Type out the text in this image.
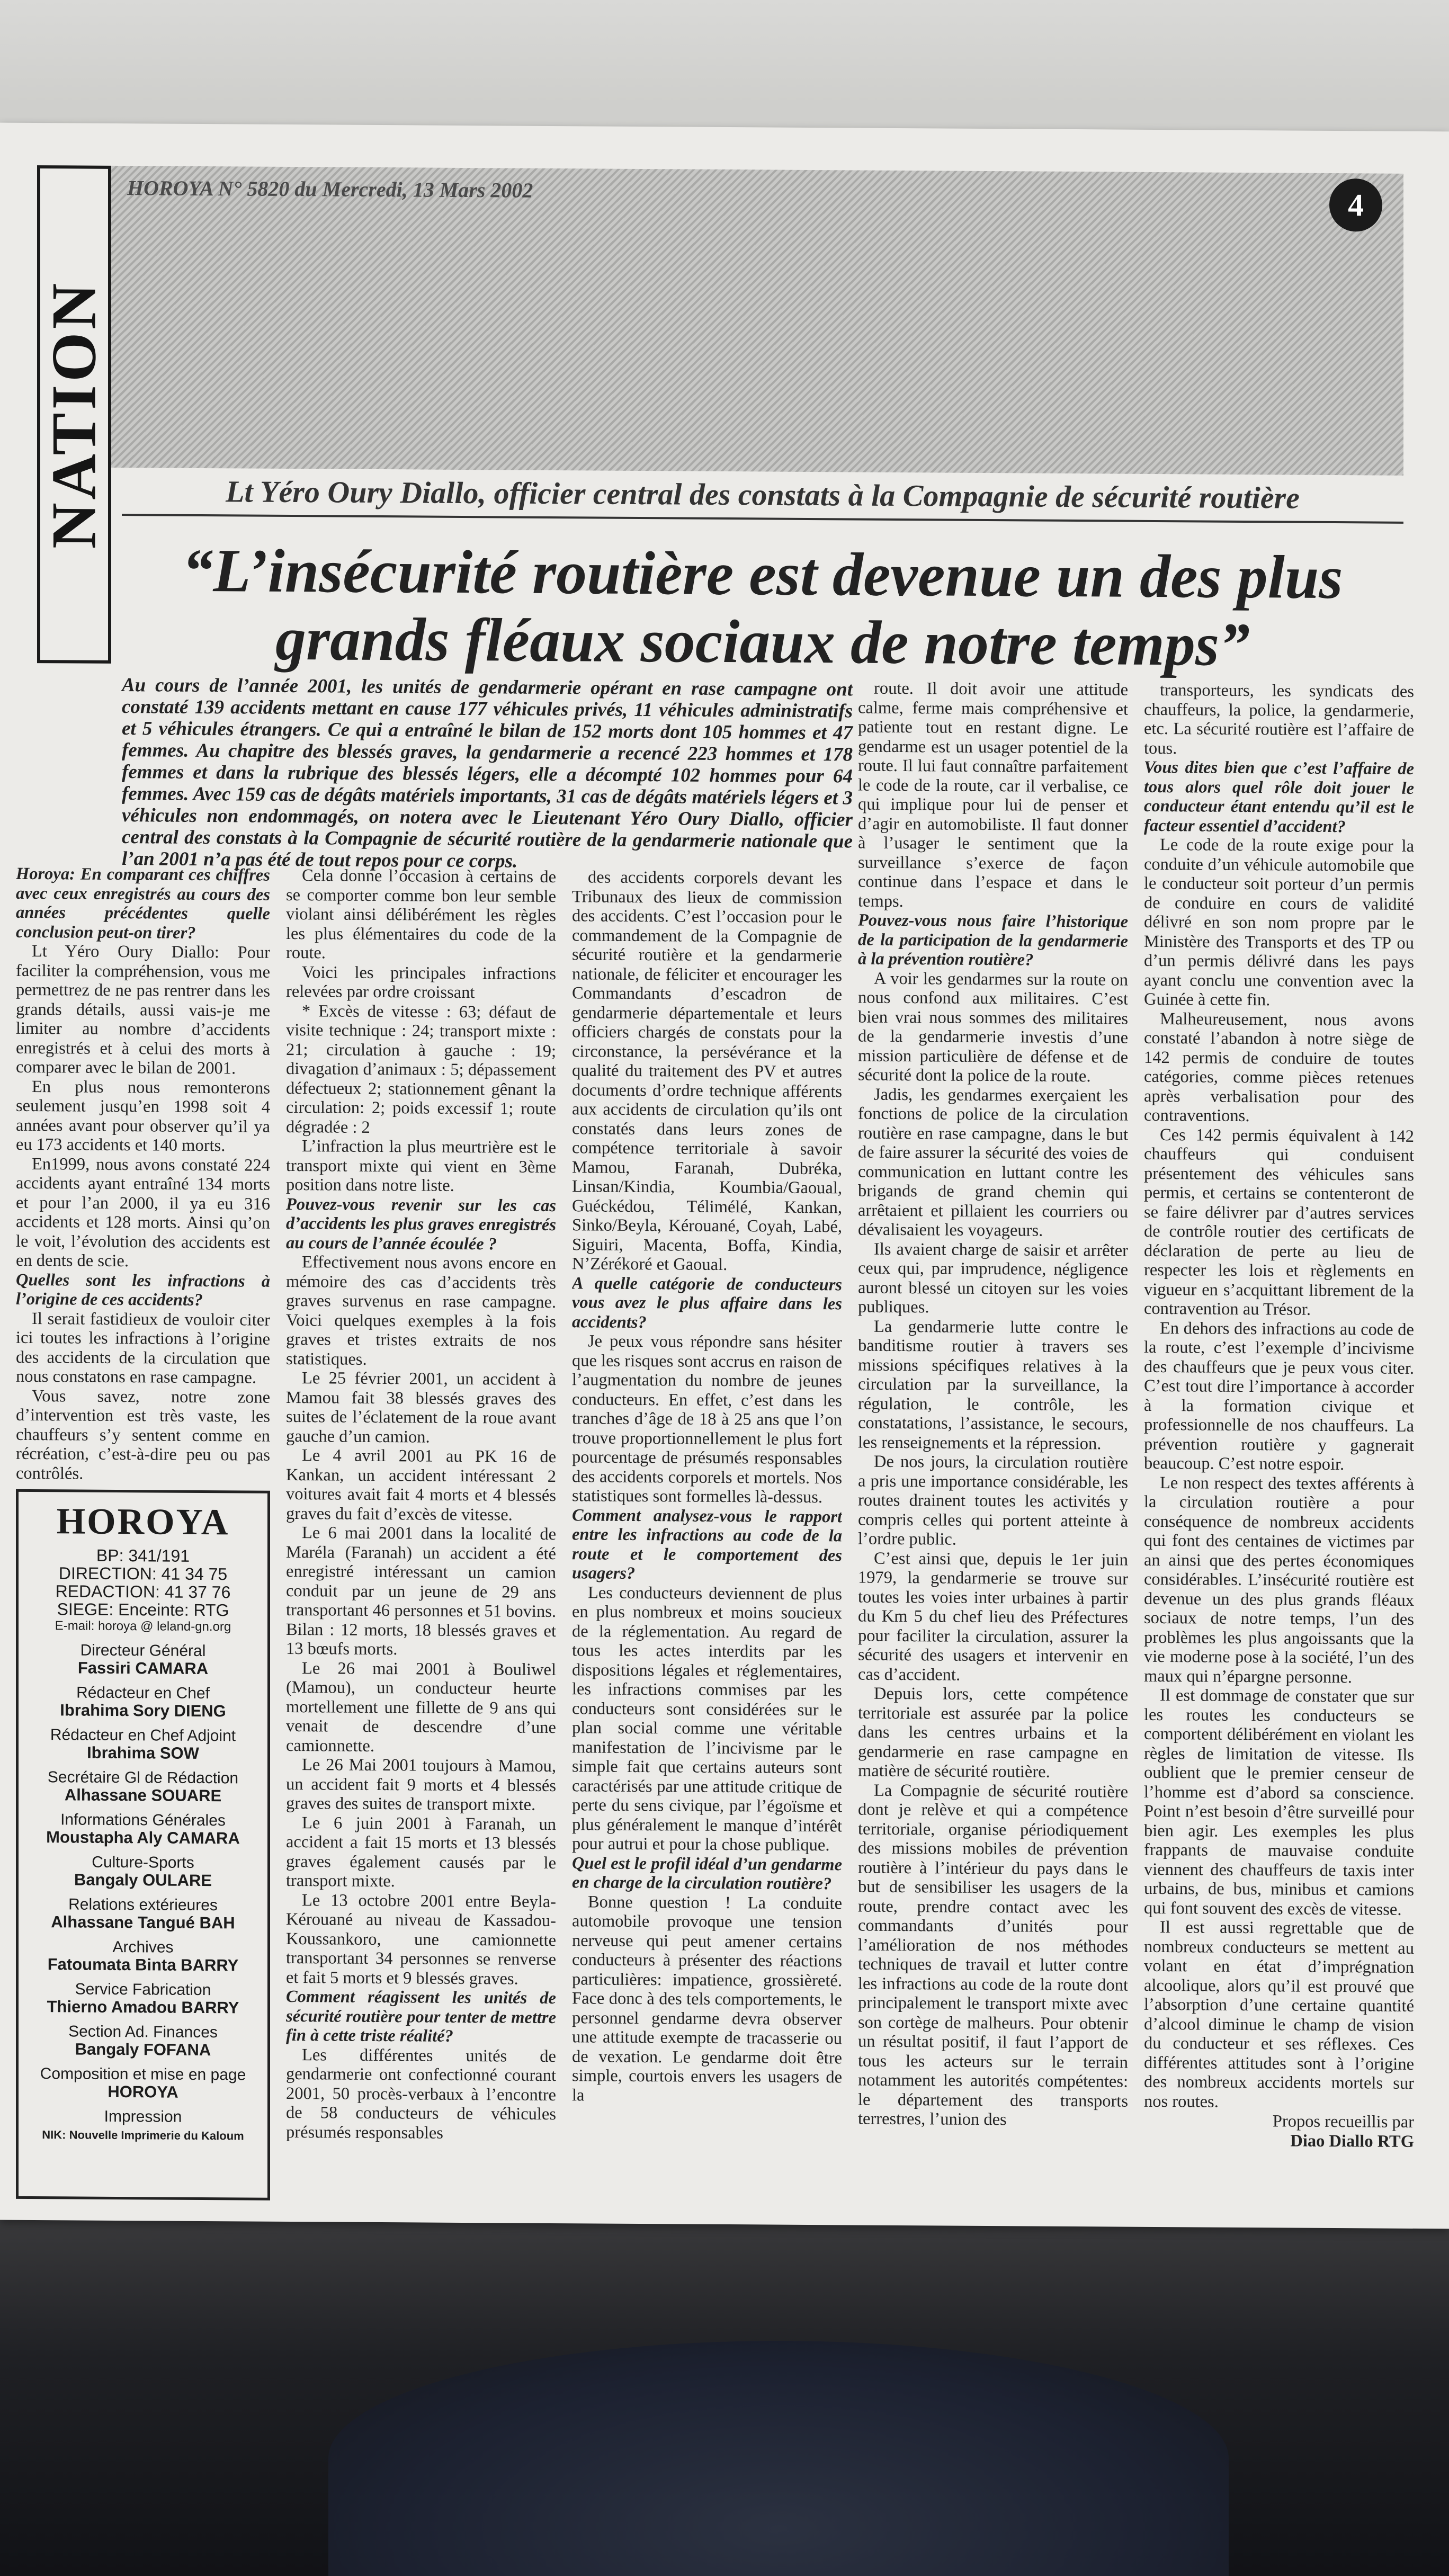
NATION
HOROYA N° 5820 du Mercredi, 13 Mars 2002	4
Lt Yéro Oury Diallo, officier central des constats à la Compagnie de sécurité routière
“L’insécurité routière est devenue un des plus grands fléaux sociaux de notre temps”
Au cours de l’année 2001, les unités de gendarmerie opérant en rase campagne ont constaté 139 accidents mettant en cause 177 véhicules privés, 11 véhicules administratifs et 5 véhicules étrangers. Ce qui a entraîné le bilan de 152 morts dont 105 hommes et 47 femmes. Au chapitre des blessés graves, la gendarmerie a recencé 223 hommes et 178 femmes et dans la rubrique des blessés légers, elle a décompté 102 hommes pour 64 femmes. Avec 159 cas de dégâts matériels importants, 31 cas de dégâts matériels légers et 3 véhicules non endommagés, on notera avec le Lieutenant Yéro Oury Diallo, officier central des constats à la Compagnie de sécurité routière de la gendarmerie nationale que l’an 2001 n’a pas été de tout repos pour ce corps.

Horoya: En comparant ces chiffres avec ceux enregistrés au cours des années précédentes quelle conclusion peut-on tirer?

Lt Yéro Oury Diallo: Pour faciliter la compréhension, vous me permettrez de ne pas rentrer dans les grands détails, aussi vais-je me limiter au nombre d’accidents enregistrés et à celui des morts à comparer avec le bilan de 2001.

En plus nous remonterons seulement jusqu’en 1998 soit 4 années avant pour observer qu’il ya eu 173 accidents et 140 morts.

En1999, nous avons constaté 224 accidents ayant entraîné 134 morts et pour l’an 2000, il ya eu 316 accidents et 128 morts. Ainsi qu’on le voit, l’évolution des accidents est en dents de scie.

Quelles sont les infractions à l’origine de ces accidents?

Il serait fastidieux de vouloir citer ici toutes les infractions à l’origine des accidents de la circulation que nous constatons en rase campagne.

Vous savez, notre zone d’intervention est très vaste, les chauffeurs s’y sentent comme en récréation, c’est-à-dire peu ou pas contrôlés.

Cela donne l’occasion à certains de se comporter comme bon leur semble violant ainsi délibérément les règles les plus élémentaires du code de la route.

Voici les principales infractions relevées par ordre croissant

* Excès de vitesse : 63; défaut de visite technique : 24; transport mixte : 21; circulation à gauche : 19; divagation d’animaux : 5; dépassement défectueux 2; stationnement gênant la circulation: 2; poids excessif 1; route dégradée : 2

L’infraction la plus meurtrière est le transport mixte qui vient en 3ème position dans notre liste.

Pouvez-vous revenir sur les cas d’accidents les plus graves enregistrés au cours de l’année écoulée ?

Effectivement nous avons encore en mémoire des cas d’accidents très graves survenus en rase campagne. Voici quelques exemples à la fois graves et tristes extraits de nos statistiques.

Le 25 février 2001, un accident à Mamou fait 38 blessés graves des suites de l’éclatement de la roue avant gauche d’un camion.

Le 4 avril 2001 au PK 16 de Kankan, un accident intéressant 2 voitures avait fait 4 morts et 4 blessés graves du fait d’excès de vitesse.

Le 6 mai 2001 dans la localité de Maréla (Faranah) un accident a été enregistré intéressant un camion conduit par un jeune de 29 ans transportant 46 personnes et 51 bovins. Bilan : 12 morts, 18 blessés graves et 13 bœufs morts.

Le 26 mai 2001 à Bouliwel (Mamou), un conducteur heurte mortellement une fillette de 9 ans qui venait de descendre d’une camionnette.

Le 26 Mai 2001 toujours à Mamou, un accident fait 9 morts et 4 blessés graves des suites de transport mixte.

Le 6 juin 2001 à Faranah, un accident a fait 15 morts et 13 blessés graves également causés par le transport mixte.

Le 13 octobre 2001 entre Beyla-Kérouané au niveau de Kassadou-Koussankoro, une camionnette transportant 34 personnes se renverse et fait 5 morts et 9 blessés graves.

Comment réagissent les unités de sécurité routière pour tenter de mettre fin à cette triste réalité?

Les différentes unités de gendarmerie ont confectionné courant 2001, 50 procès-verbaux à l’encontre de 58 conducteurs de véhicules présumés responsables

des accidents corporels devant les Tribunaux des lieux de commission des accidents. C’est l’occasion pour le commandement de la Compagnie de sécurité routière et la gendarmerie nationale, de féliciter et encourager les Commandants d’escadron de gendarmerie départementale et leurs officiers chargés de constats pour la circonstance, la persévérance et la qualité du traitement des PV et autres documents d’ordre technique afférents aux accidents de circulation qu’ils ont constatés dans leurs zones de compétence territoriale à savoir Mamou, Faranah, Dubréka, Linsan/Kindia, Koumbia/Gaoual, Guéckédou, Télimélé, Kankan, Sinko/Beyla, Kérouané, Coyah, Labé, Siguiri, Macenta, Boffa, Kindia, N’Zérékoré et Gaoual.

A quelle catégorie de conducteurs vous avez le plus affaire dans les accidents?

Je peux vous répondre sans hésiter que les risques sont accrus en raison de l’augmentation du nombre de jeunes conducteurs. En effet, c’est dans les tranches d’âge de 18 à 25 ans que l’on trouve proportionnellement le plus fort pourcentage de présumés responsables des accidents corporels et mortels. Nos statistiques sont formelles là-dessus.

Comment analysez-vous le rapport entre les infractions au code de la route et le comportement des usagers?

Les conducteurs deviennent de plus en plus nombreux et moins soucieux de la réglementation. Au regard de tous les actes interdits par les dispositions légales et réglementaires, les infractions commises par les conducteurs sont considérées sur le plan social comme une véritable manifestation de l’incivisme par le simple fait que certains auteurs sont caractérisés par une attitude critique de perte du sens civique, par l’égoïsme et plus généralement le manque d’intérêt pour autrui et pour la chose publique.

Quel est le profil idéal d’un gendarme en charge de la circulation routière?

Bonne question ! La conduite automobile provoque une tension nerveuse qui peut amener certains conducteurs à présenter des réactions particulières: impatience, grossièreté. Face donc à des tels comportements, le personnel gendarme devra observer une attitude exempte de tracasserie ou de vexation. Le gendarme doit être simple, courtois envers les usagers de la

route. Il doit avoir une attitude calme, ferme mais compréhensive et patiente tout en restant digne. Le gendarme est un usager potentiel de la route. Il lui faut connaître parfaitement le code de la route, car il verbalise, ce qui implique pour lui de penser et d’agir en automobiliste. Il faut donner à l’usager le sentiment que la surveillance s’exerce de façon continue dans l’espace et dans le temps.

Pouvez-vous nous faire l’historique de la participation de la gendarmerie à la prévention routière?

A voir les gendarmes sur la route on nous confond aux militaires. C’est bien vrai nous sommes des militaires de la gendarmerie investis d’une mission particulière de défense et de sécurité dont la police de la route.

Jadis, les gendarmes exerçaient les fonctions de police de la circulation routière en rase campagne, dans le but de faire assurer la sécurité des voies de communication en luttant contre les brigands de grand chemin qui arrêtaient et pillaient les courriers ou dévalisaient les voyageurs.

Ils avaient charge de saisir et arrêter ceux qui, par imprudence, négligence auront blessé un citoyen sur les voies publiques.

La gendarmerie lutte contre le banditisme routier à travers ses missions spécifiques relatives à la circulation par la surveillance, la régulation, le contrôle, les constatations, l’assistance, le secours, les renseignements et la répression.

De nos jours, la circulation routière a pris une importance considérable, les routes drainent toutes les activités y compris celles qui portent atteinte à l’ordre public.

C’est ainsi que, depuis le 1er juin 1979, la gendarmerie se trouve sur toutes les voies inter urbaines à partir du Km 5 du chef lieu des Préfectures pour faciliter la circulation, assurer la sécurité des usagers et intervenir en cas d’accident.

Depuis lors, cette compétence territoriale est assurée par la police dans les centres urbains et la gendarmerie en rase campagne en matière de sécurité routière.

La Compagnie de sécurité routière dont je relève et qui a compétence territoriale, organise périodiquement des missions mobiles de prévention routière à l’intérieur du pays dans le but de sensibiliser les usagers de la route, prendre contact avec les commandants d’unités pour l’amélioration de nos méthodes techniques de travail et lutter contre les infractions au code de la route dont principalement le transport mixte avec son cortège de malheurs. Pour obtenir un résultat positif, il faut l’apport de tous les acteurs sur le terrain notamment les autorités compétentes: le département des transports terrestres, l’union des

transporteurs, les syndicats des chauffeurs, la police, la gendarmerie, etc. La sécurité routière est l’affaire de tous.

Vous dites bien que c’est l’affaire de tous alors quel rôle doit jouer le conducteur étant entendu qu’il est le facteur essentiel d’accident?

Le code de la route exige pour la conduite d’un véhicule automobile que le conducteur soit porteur d’un permis de conduire en cours de validité délivré en son nom propre par le Ministère des Transports et des TP ou d’un permis délivré dans les pays ayant conclu une convention avec la Guinée à cette fin.

Malheureusement, nous avons constaté l’abandon à notre siège de 142 permis de conduire de toutes catégories, comme pièces retenues après verbalisation pour des contraventions.

Ces 142 permis équivalent à 142 chauffeurs qui conduisent présentement des véhicules sans permis, et certains se contenteront de se faire délivrer par d’autres services de contrôle routier des certificats de déclaration de perte au lieu de respecter les lois et règlements en vigueur en s’acquittant librement de la contravention au Trésor.

En dehors des infractions au code de la route, c’est l’exemple d’incivisme des chauffeurs que je peux vous citer. C’est tout dire l’importance à accorder à la formation civique et professionnelle de nos chauffeurs. La prévention routière y gagnerait beaucoup. C’est notre espoir.

Le non respect des textes afférents à la circulation routière a pour conséquence de nombreux accidents qui font des centaines de victimes par an ainsi que des pertes économiques considérables. L’insécurité routière est devenue un des plus grands fléaux sociaux de notre temps, l’un des problèmes les plus angoissants que la vie moderne pose à la société, l’un des maux qui n’épargne personne.

Il est dommage de constater que sur les routes les conducteurs se comportent délibérément en violant les règles de limitation de vitesse. Ils oublient que le premier censeur de l’homme est d’abord sa conscience. Point n’est besoin d’être surveillé pour bien agir. Les exemples les plus frappants de mauvaise conduite viennent des chauffeurs de taxis inter urbains, de bus, minibus et camions qui font souvent des excès de vitesse.

Il est aussi regrettable que de nombreux conducteurs se mettent au volant en état d’imprégnation alcoolique, alors qu’il est prouvé que l’absorption d’une certaine quantité d’alcool diminue le champ de vision du conducteur et ses réflexes. Ces différentes attitudes sont à l’origine des nombreux accidents mortels sur nos routes.

Propos recueillis par
Diao Diallo RTG

HOROYA
BP: 341/191
DIRECTION: 41 34 75
REDACTION: 41 37 76
SIEGE: Enceinte: RTG
E-mail: horoya @ leland-gn.org
Directeur Général
Fassiri CAMARA
Rédacteur en Chef
Ibrahima Sory DIENG
Rédacteur en Chef Adjoint
Ibrahima SOW
Secrétaire Gl de Rédaction
Alhassane SOUARE
Informations Générales
Moustapha Aly CAMARA
Culture-Sports
Bangaly OULARE
Relations extérieures
Alhassane Tangué BAH
Archives
Fatoumata Binta BARRY
Service Fabrication
Thierno Amadou BARRY
Section Ad. Finances
Bangaly FOFANA
Composition et mise en page
HOROYA
Impression
NIK: Nouvelle Imprimerie du Kaloum
